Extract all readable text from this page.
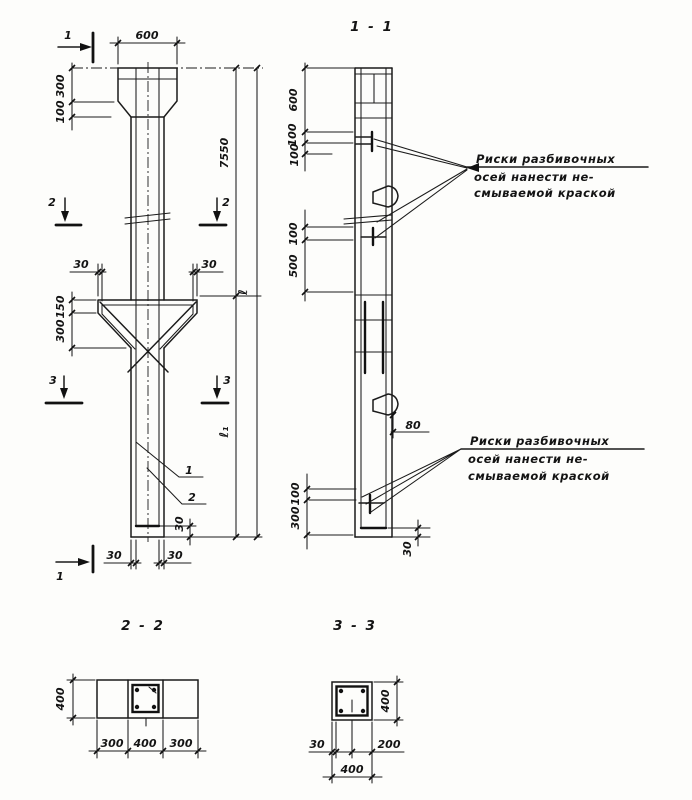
600
1
300
100
2	2
30	30
150
300
3	3
1
2
30
30	30
1
7550
ℓ
ℓ₁
1 - 1
80
30
600
100
100
100
500
100
300
Риски разбивочных
осей нанести не-
смываемой краской
Риски разбивочных
осей нанести не-
смываемой краской
2 - 2
400
300 400 300
3 - 3
400
30	200
400
